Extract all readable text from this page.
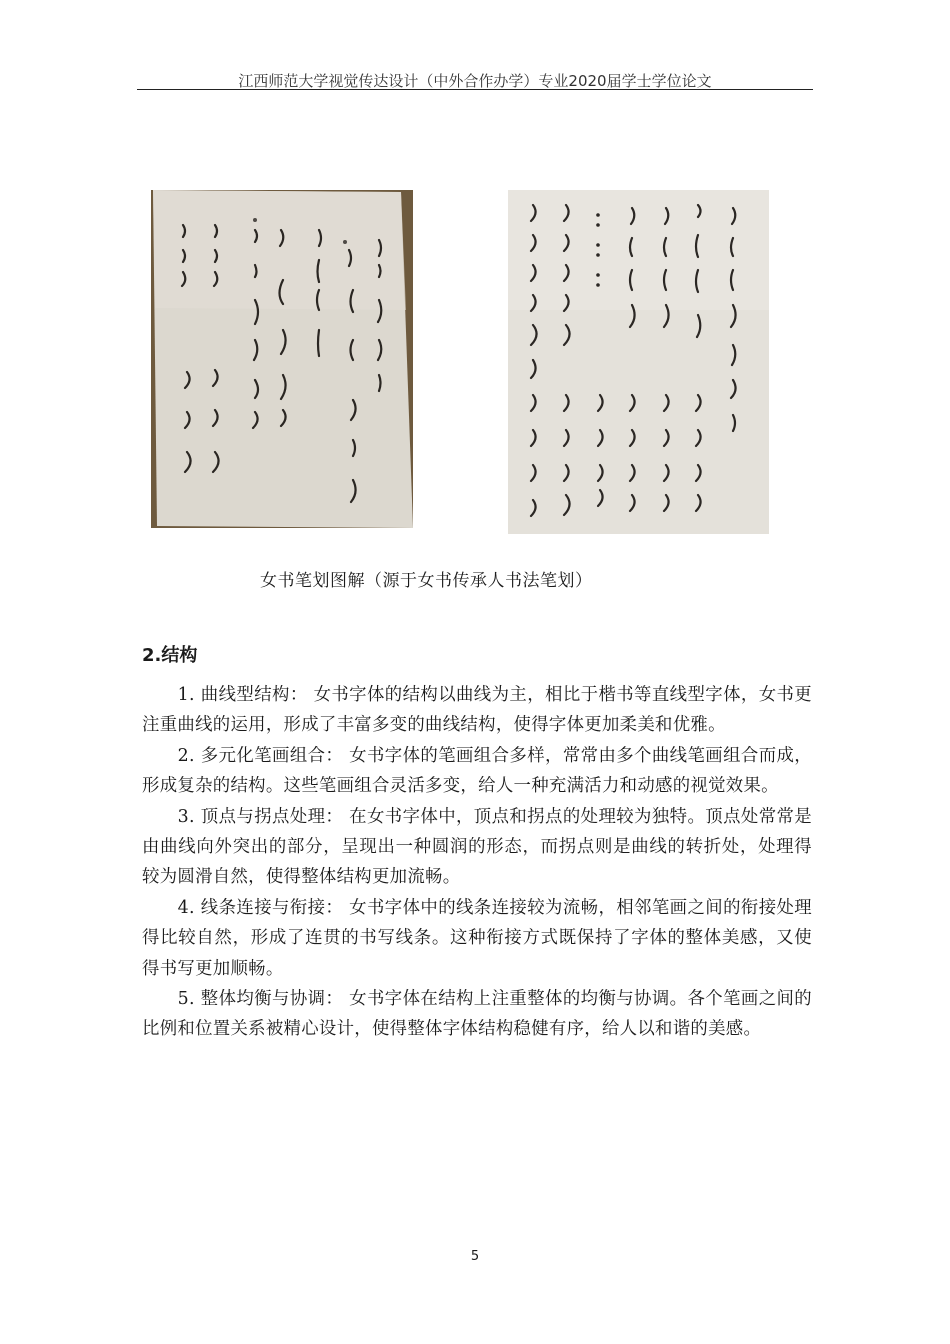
江西师范大学视觉传达设计（中外合作办学）专业2020届学士学位论文
女书笔划图解（源于女书传承人书法笔划）
2.结构

1. 曲线型结构： 女书字体的结构以曲线为主，相比于楷书等直线型字体，女书更注重曲线的运用，形成了丰富多变的曲线结构，使得字体更加柔美和优雅。

2. 多元化笔画组合： 女书字体的笔画组合多样，常常由多个曲线笔画组合而成，形成复杂的结构。这些笔画组合灵活多变，给人一种充满活力和动感的视觉效果。

3. 顶点与拐点处理： 在女书字体中，顶点和拐点的处理较为独特。顶点处常常是由曲线向外突出的部分，呈现出一种圆润的形态，而拐点则是曲线的转折处，处理得较为圆滑自然，使得整体结构更加流畅。

4. 线条连接与衔接： 女书字体中的线条连接较为流畅，相邻笔画之间的衔接处理得比较自然，形成了连贯的书写线条。这种衔接方式既保持了字体的整体美感，又使得书写更加顺畅。

5. 整体均衡与协调： 女书字体在结构上注重整体的均衡与协调。各个笔画之间的比例和位置关系被精心设计，使得整体字体结构稳健有序，给人以和谐的美感。

5
